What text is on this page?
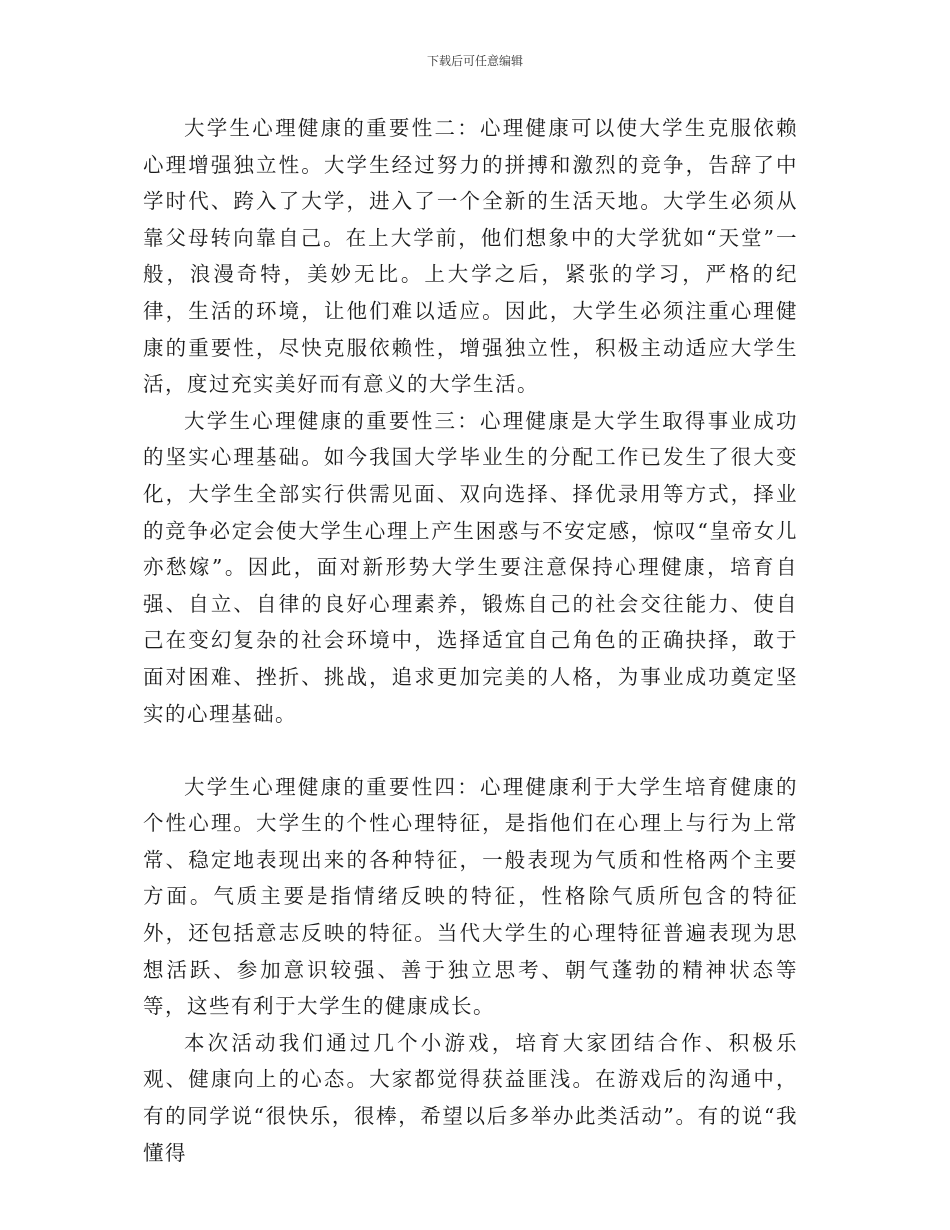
下载后可任意编辑

大学生心理健康的重要性二：心理健康可以使大学生克服依赖心理增强独立性。大学生经过努力的拼搏和激烈的竞争，告辞了中学时代、跨入了大学，进入了一个全新的生活天地。大学生必须从靠父母转向靠自己。在上大学前，他们想象中的大学犹如“天堂”一般，浪漫奇特，美妙无比。上大学之后，紧张的学习，严格的纪律，生活的环境，让他们难以适应。因此，大学生必须注重心理健康的重要性，尽快克服依赖性，增强独立性，积极主动适应大学生活，度过充实美好而有意义的大学生活。

大学生心理健康的重要性三：心理健康是大学生取得事业成功的坚实心理基础。如今我国大学毕业生的分配工作已发生了很大变化，大学生全部实行供需见面、双向选择、择优录用等方式，择业的竞争必定会使大学生心理上产生困惑与不安定感，惊叹“皇帝女儿亦愁嫁”。因此，面对新形势大学生要注意保持心理健康，培育自强、自立、自律的良好心理素养，锻炼自己的社会交往能力、使自己在变幻复杂的社会环境中，选择适宜自己角色的正确抉择，敢于面对困难、挫折、挑战，追求更加完美的人格，为事业成功奠定坚实的心理基础。

大学生心理健康的重要性四：心理健康利于大学生培育健康的个性心理。大学生的个性心理特征，是指他们在心理上与行为上常常、稳定地表现出来的各种特征，一般表现为气质和性格两个主要方面。气质主要是指情绪反映的特征，性格除气质所包含的特征外，还包括意志反映的特征。当代大学生的心理特征普遍表现为思想活跃、参加意识较强、善于独立思考、朝气蓬勃的精神状态等等，这些有利于大学生的健康成长。

本次活动我们通过几个小游戏，培育大家团结合作、积极乐观、健康向上的心态。大家都觉得获益匪浅。在游戏后的沟通中，有的同学说“很快乐，很棒，希望以后多举办此类活动”。有的说“我懂得
